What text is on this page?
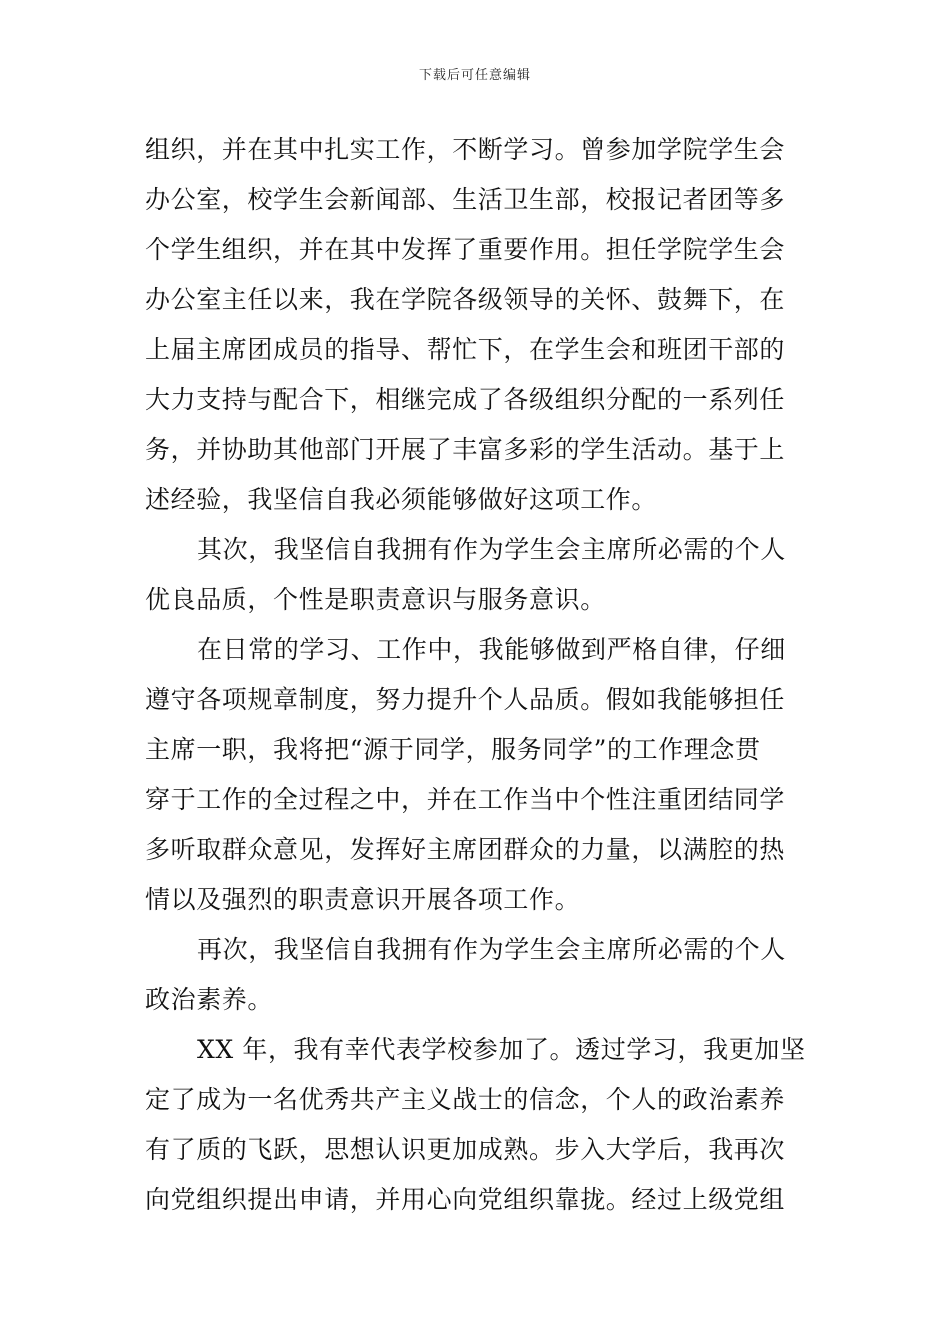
下载后可任意编辑
组织，并在其中扎实工作，不断学习。曾参加学院学生会
办公室，校学生会新闻部、生活卫生部，校报记者团等多
个学生组织，并在其中发挥了重要作用。担任学院学生会
办公室主任以来，我在学院各级领导的关怀、鼓舞下，在
上届主席团成员的指导、帮忙下，在学生会和班团干部的
大力支持与配合下，相继完成了各级组织分配的一系列任
务，并协助其他部门开展了丰富多彩的学生活动。基于上
述经验，我坚信自我必须能够做好这项工作。
其次，我坚信自我拥有作为学生会主席所必需的个人
优良品质，个性是职责意识与服务意识。
在日常的学习、工作中，我能够做到严格自律，仔细
遵守各项规章制度，努力提升个人品质。假如我能够担任
主席一职，我将把“源于同学，服务同学”的工作理念贯
穿于工作的全过程之中，并在工作当中个性注重团结同学
多听取群众意见，发挥好主席团群众的力量，以满腔的热
情以及强烈的职责意识开展各项工作。
再次，我坚信自我拥有作为学生会主席所必需的个人
政治素养。
XX 年，我有幸代表学校参加了。透过学习，我更加坚
定了成为一名优秀共产主义战士的信念，个人的政治素养
有了质的飞跃，思想认识更加成熟。步入大学后，我再次
向党组织提出申请，并用心向党组织靠拢。经过上级党组
